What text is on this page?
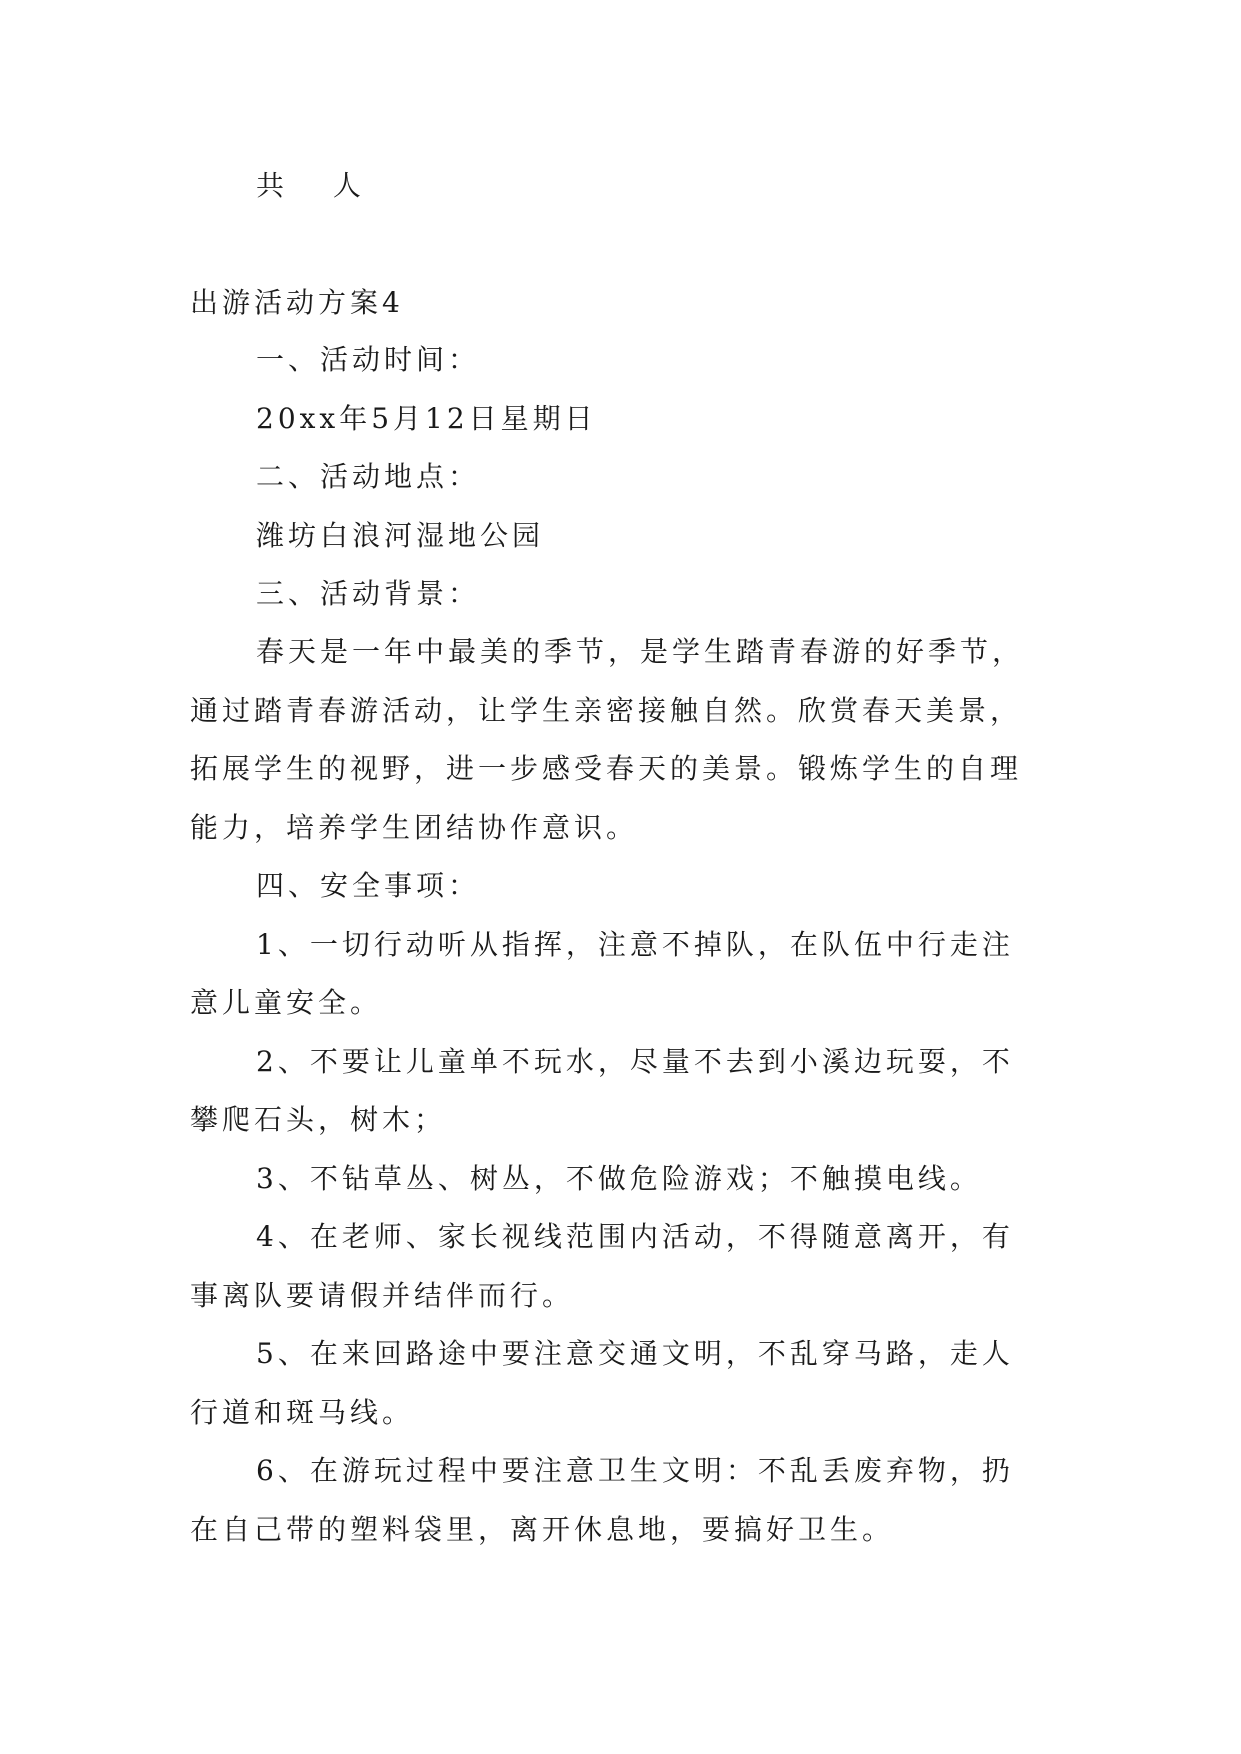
共 人
出游活动方案4
一、活动时间：
20xx年5月12日星期日
二、活动地点：
潍坊白浪河湿地公园
三、活动背景：
春天是一年中最美的季节，是学生踏青春游的好季节，
通过踏青春游活动，让学生亲密接触自然。欣赏春天美景，
拓展学生的视野，进一步感受春天的美景。锻炼学生的自理
能力，培养学生团结协作意识。
四、安全事项：
1、一切行动听从指挥，注意不掉队，在队伍中行走注
意儿童安全。
2、不要让儿童单不玩水，尽量不去到小溪边玩耍，不
攀爬石头，树木；
3、不钻草丛、树丛，不做危险游戏；不触摸电线。
4、在老师、家长视线范围内活动，不得随意离开，有
事离队要请假并结伴而行。
5、在来回路途中要注意交通文明，不乱穿马路，走人
行道和斑马线。
6、在游玩过程中要注意卫生文明：不乱丢废弃物，扔
在自己带的塑料袋里，离开休息地，要搞好卫生。
